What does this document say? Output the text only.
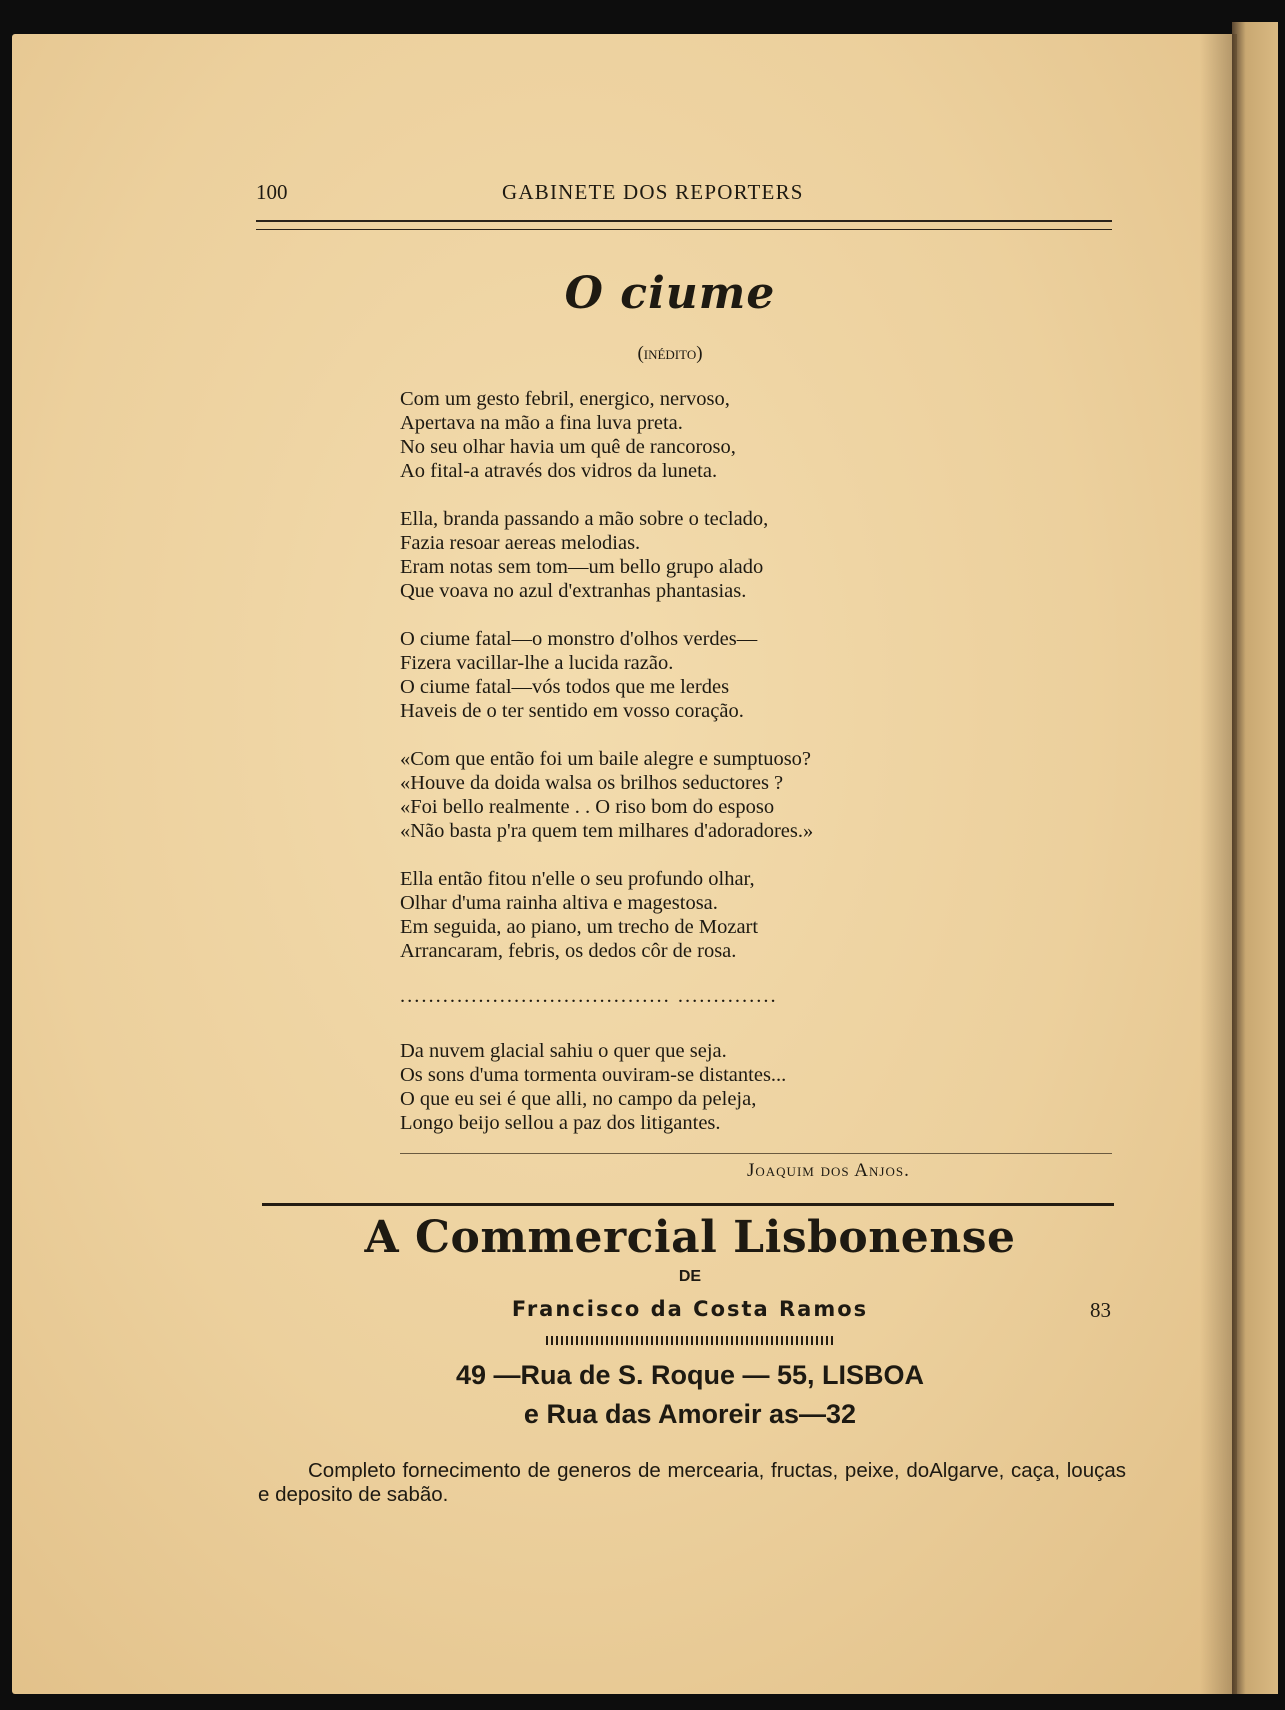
100	GABINETE DOS REPORTERS
O ciume
(inédito)
Com um gesto febril, energico, nervoso,
Apertava na mão a fina luva preta.
No seu olhar havia um quê de rancoroso,
Ao fital-a através dos vidros da luneta.
Ella, branda passando a mão sobre o teclado,
Fazia resoar aereas melodias.
Eram notas sem tom—um bello grupo alado
Que voava no azul d'extranhas phantasias.
O ciume fatal—o monstro d'olhos verdes—
Fizera vacillar-lhe a lucida razão.
O ciume fatal—vós todos que me lerdes
Haveis de o ter sentido em vosso coração.
«Com que então foi um baile alegre e sumptuoso?
«Houve da doida walsa os brilhos seductores ?
«Foi bello realmente . . O riso bom do esposo
«Não basta p'ra quem tem milhares d'adoradores.»
Ella então fitou n'elle o seu profundo olhar,
Olhar d'uma rainha altiva e magestosa.
Em seguida, ao piano, um trecho de Mozart
Arrancaram, febris, os dedos côr de rosa.
...................................... ..............
Da nuvem glacial sahiu o quer que seja.
Os sons d'uma tormenta ouviram-se distantes...
O que eu sei é que alli, no campo da peleja,
Longo beijo sellou a paz dos litigantes.
Joaquim dos Anjos.
A Commercial Lisbonense
DE
Francisco da Costa Ramos	83
49 —Rua de S. Roque — 55, LISBOA
e Rua das Amoreir as—32
Completo fornecimento de generos de mercearia, fructas, peixe, doAlgarve, caça, louças e deposito de sabão.
